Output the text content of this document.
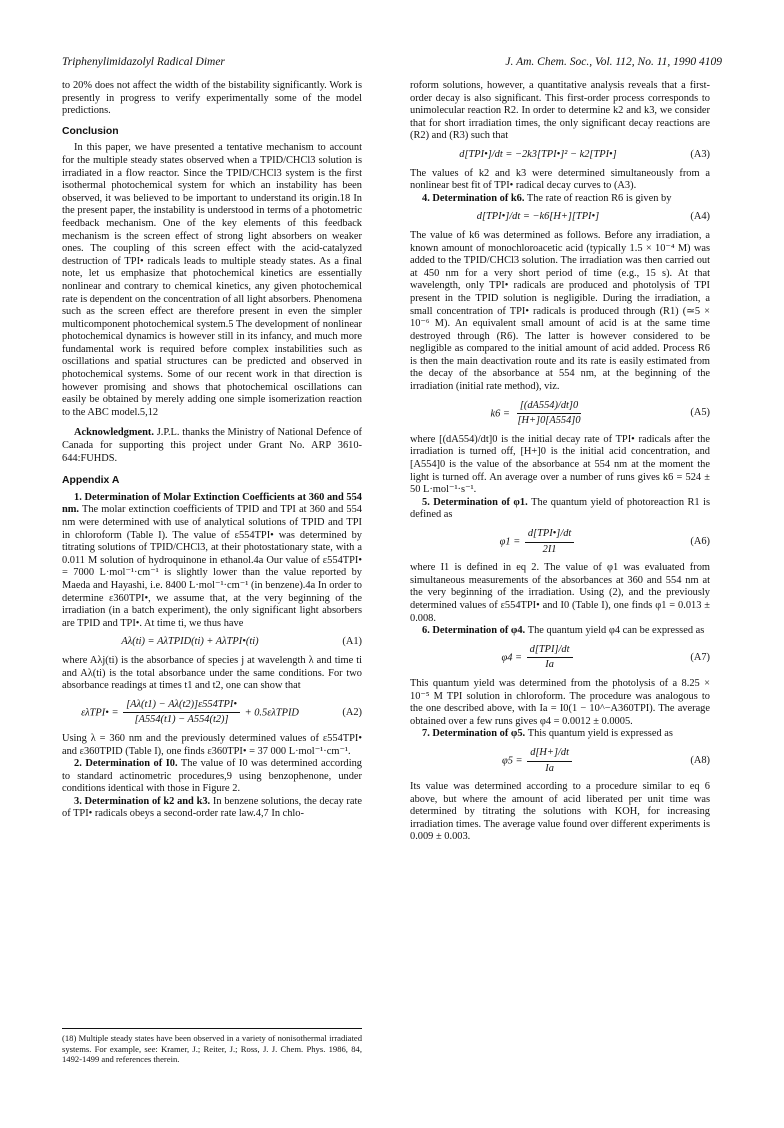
Triphenylimidazolyl Radical Dimer	J. Am. Chem. Soc., Vol. 112, No. 11, 1990 4109

to 20% does not affect the width of the bistability significantly. Work is presently in progress to verify experimentally some of the model predictions.

Conclusion

In this paper, we have presented a tentative mechanism to account for the multiple steady states observed when a TPID/CHCl3 solution is irradiated in a flow reactor. Since the TPID/CHCl3 system is the first isothermal photochemical system for which an instability has been observed, it was believed to be important to understand its origin.18 In the present paper, the instability is understood in terms of a photometric feedback mechanism. One of the key elements of this feedback mechanism is the screen effect of strong light absorbers on weaker ones. The coupling of this screen effect with the acid-catalyzed destruction of TPI• radicals leads to multiple steady states. As a final note, let us emphasize that photochemical kinetics are essentially nonlinear and contrary to chemical kinetics, any given photochemical rate is dependent on the concentration of all light absorbers. Phenomena such as the screen effect are therefore present in even the simpler multicomponent photochemical system.5 The development of nonlinear photochemical dynamics is however still in its infancy, and much more fundamental work is required before complex instabilities such as oscillations and spatial structures can be predicted and observed in photochemical systems. Some of our recent work in that direction is however promising and shows that photochemical oscillations can easily be obtained by merely adding one simple isomerization reaction to the ABC model.5,12

Acknowledgment. J.P.L. thanks the Ministry of National Defence of Canada for supporting this project under Grant No. ARP 3610-644:FUHDS.

Appendix A

1. Determination of Molar Extinction Coefficients at 360 and 554 nm. The molar extinction coefficients of TPID and TPI at 360 and 554 nm were determined with use of analytical solutions of TPID and TPI in chloroform (Table I). The value of ε554TPI• was determined by titrating solutions of TPID/CHCl3, at their photostationary state, with a 0.011 M solution of hydroquinone in ethanol.4a Our value of ε554TPI• = 7000 L·mol⁻¹·cm⁻¹ is slightly lower than the value reported by Maeda and Hayashi, i.e. 8400 L·mol⁻¹·cm⁻¹ (in benzene).4a In order to determine ε360TPI•, we assume that, at the very beginning of the irradiation (in a batch experiment), the only significant light absorbers are TPID and TPI•. At time ti, we thus have

Aλ(ti) = AλTPID(ti) + AλTPI•(ti)	(A1)

where Aλj(ti) is the absorbance of species j at wavelength λ and time ti and Aλ(ti) is the total absorbance under the same conditions. For two absorbance readings at times t1 and t2, one can show that

ελTPI• = $\frac{\text{[Aλ(t1) − Aλ(t2)]ε554TPI•}}{[A554(t1) - A554(t2)]}$ + 0.5ελTPID	(A2)

Using λ = 360 nm and the previously determined values of ε554TPI• and ε360TPID (Table I), one finds ε360TPI• = 37 000 L·mol⁻¹·cm⁻¹.

2. Determination of I0. The value of I0 was determined according to standard actinometric procedures,9 using benzophenone, under conditions identical with those in Figure 2.

3. Determination of k2 and k3. In benzene solutions, the decay rate of TPI• radicals obeys a second-order rate law.4,7 In chlo-

(18) Multiple steady states have been observed in a variety of nonisothermal irradiated systems. For example, see: Kramer, J.; Reiter, J.; Ross, J. J. Chem. Phys. 1986, 84, 1492-1499 and references therein.

roform solutions, however, a quantitative analysis reveals that a first-order decay is also significant. This first-order process corresponds to unimolecular reaction R2. In order to determine k2 and k3, we consider that for short irradiation times, the only significant decay reactions are (R2) and (R3) such that

d[TPI•]/dt = −2k3[TPI•]² − k2[TPI•]	(A3)

The values of k2 and k3 were determined simultaneously from a nonlinear best fit of TPI• radical decay curves to (A3).

4. Determination of k6. The rate of reaction R6 is given by

d[TPI•]/dt = −k6[H+][TPI•]	(A4)

The value of k6 was determined as follows. Before any irradiation, a known amount of monochloroacetic acid (typically 1.5 × 10⁻⁴ M) was added to the TPID/CHCl3 solution. The irradiation was then carried out at 450 nm for a very short period of time (e.g., 15 s). At that wavelength, only TPI• radicals are produced and photolysis of TPI present in the TPID solution is negligible. During the irradiation, a small concentration of TPI• radicals is produced through (R1) (≃5 × 10⁻⁶ M). An equivalent small amount of acid is at the same time destroyed through (R6). The latter is however considered to be negligible as compared to the initial amount of acid added. Process R6 is then the main deactivation route and its rate is easily estimated from the decay of the absorbance at 554 nm, at the beginning of the irradiation (initial rate method), viz.

$k6 = \frac{[(dA554)/dt]0}{[H+]0[A554]0}$	(A5)

where [(dA554)/dt]0 is the initial decay rate of TPI• radicals after the irradiation is turned off, [H+]0 is the initial acid concentration, and [A554]0 is the value of the absorbance at 554 nm at the moment the light is turned off. An average over a number of runs gives k6 = 524 ± 50 L·mol⁻¹·s⁻¹.

5. Determination of φ1. The quantum yield of photoreaction R1 is defined as

$\varphi 1 = \frac{\text{d[TPI•]/dt}}{2I1}$	(A6)

where I1 is defined in eq 2. The value of φ1 was evaluated from simultaneous measurements of the absorbances at 360 and 554 nm at the very beginning of the irradiation. Using (2), and the previously determined values of ε554TPI• and I0 (Table I), one finds φ1 = 0.013 ± 0.008.

6. Determination of φ4. The quantum yield φ4 can be expressed as

$\varphi 4 = \frac{\text{d[TPI]/dt}}{Ia}$	(A7)

This quantum yield was determined from the photolysis of a 8.25 × 10⁻⁵ M TPI solution in chloroform. The procedure was analogous to the one described above, with Ia = I0(1 − 10^−A360TPI). The average obtained over a few runs gives φ4 = 0.0012 ± 0.0005.

7. Determination of φ5. This quantum yield is expressed as

$\varphi 5 = \frac{d[H+]/dt}{Ia}$	(A8)

Its value was determined according to a procedure similar to eq 6 above, but where the amount of acid liberated per unit time was determined by titrating the solutions with KOH, for increasing irradiation times. The average value found over different experiments is 0.009 ± 0.003.
